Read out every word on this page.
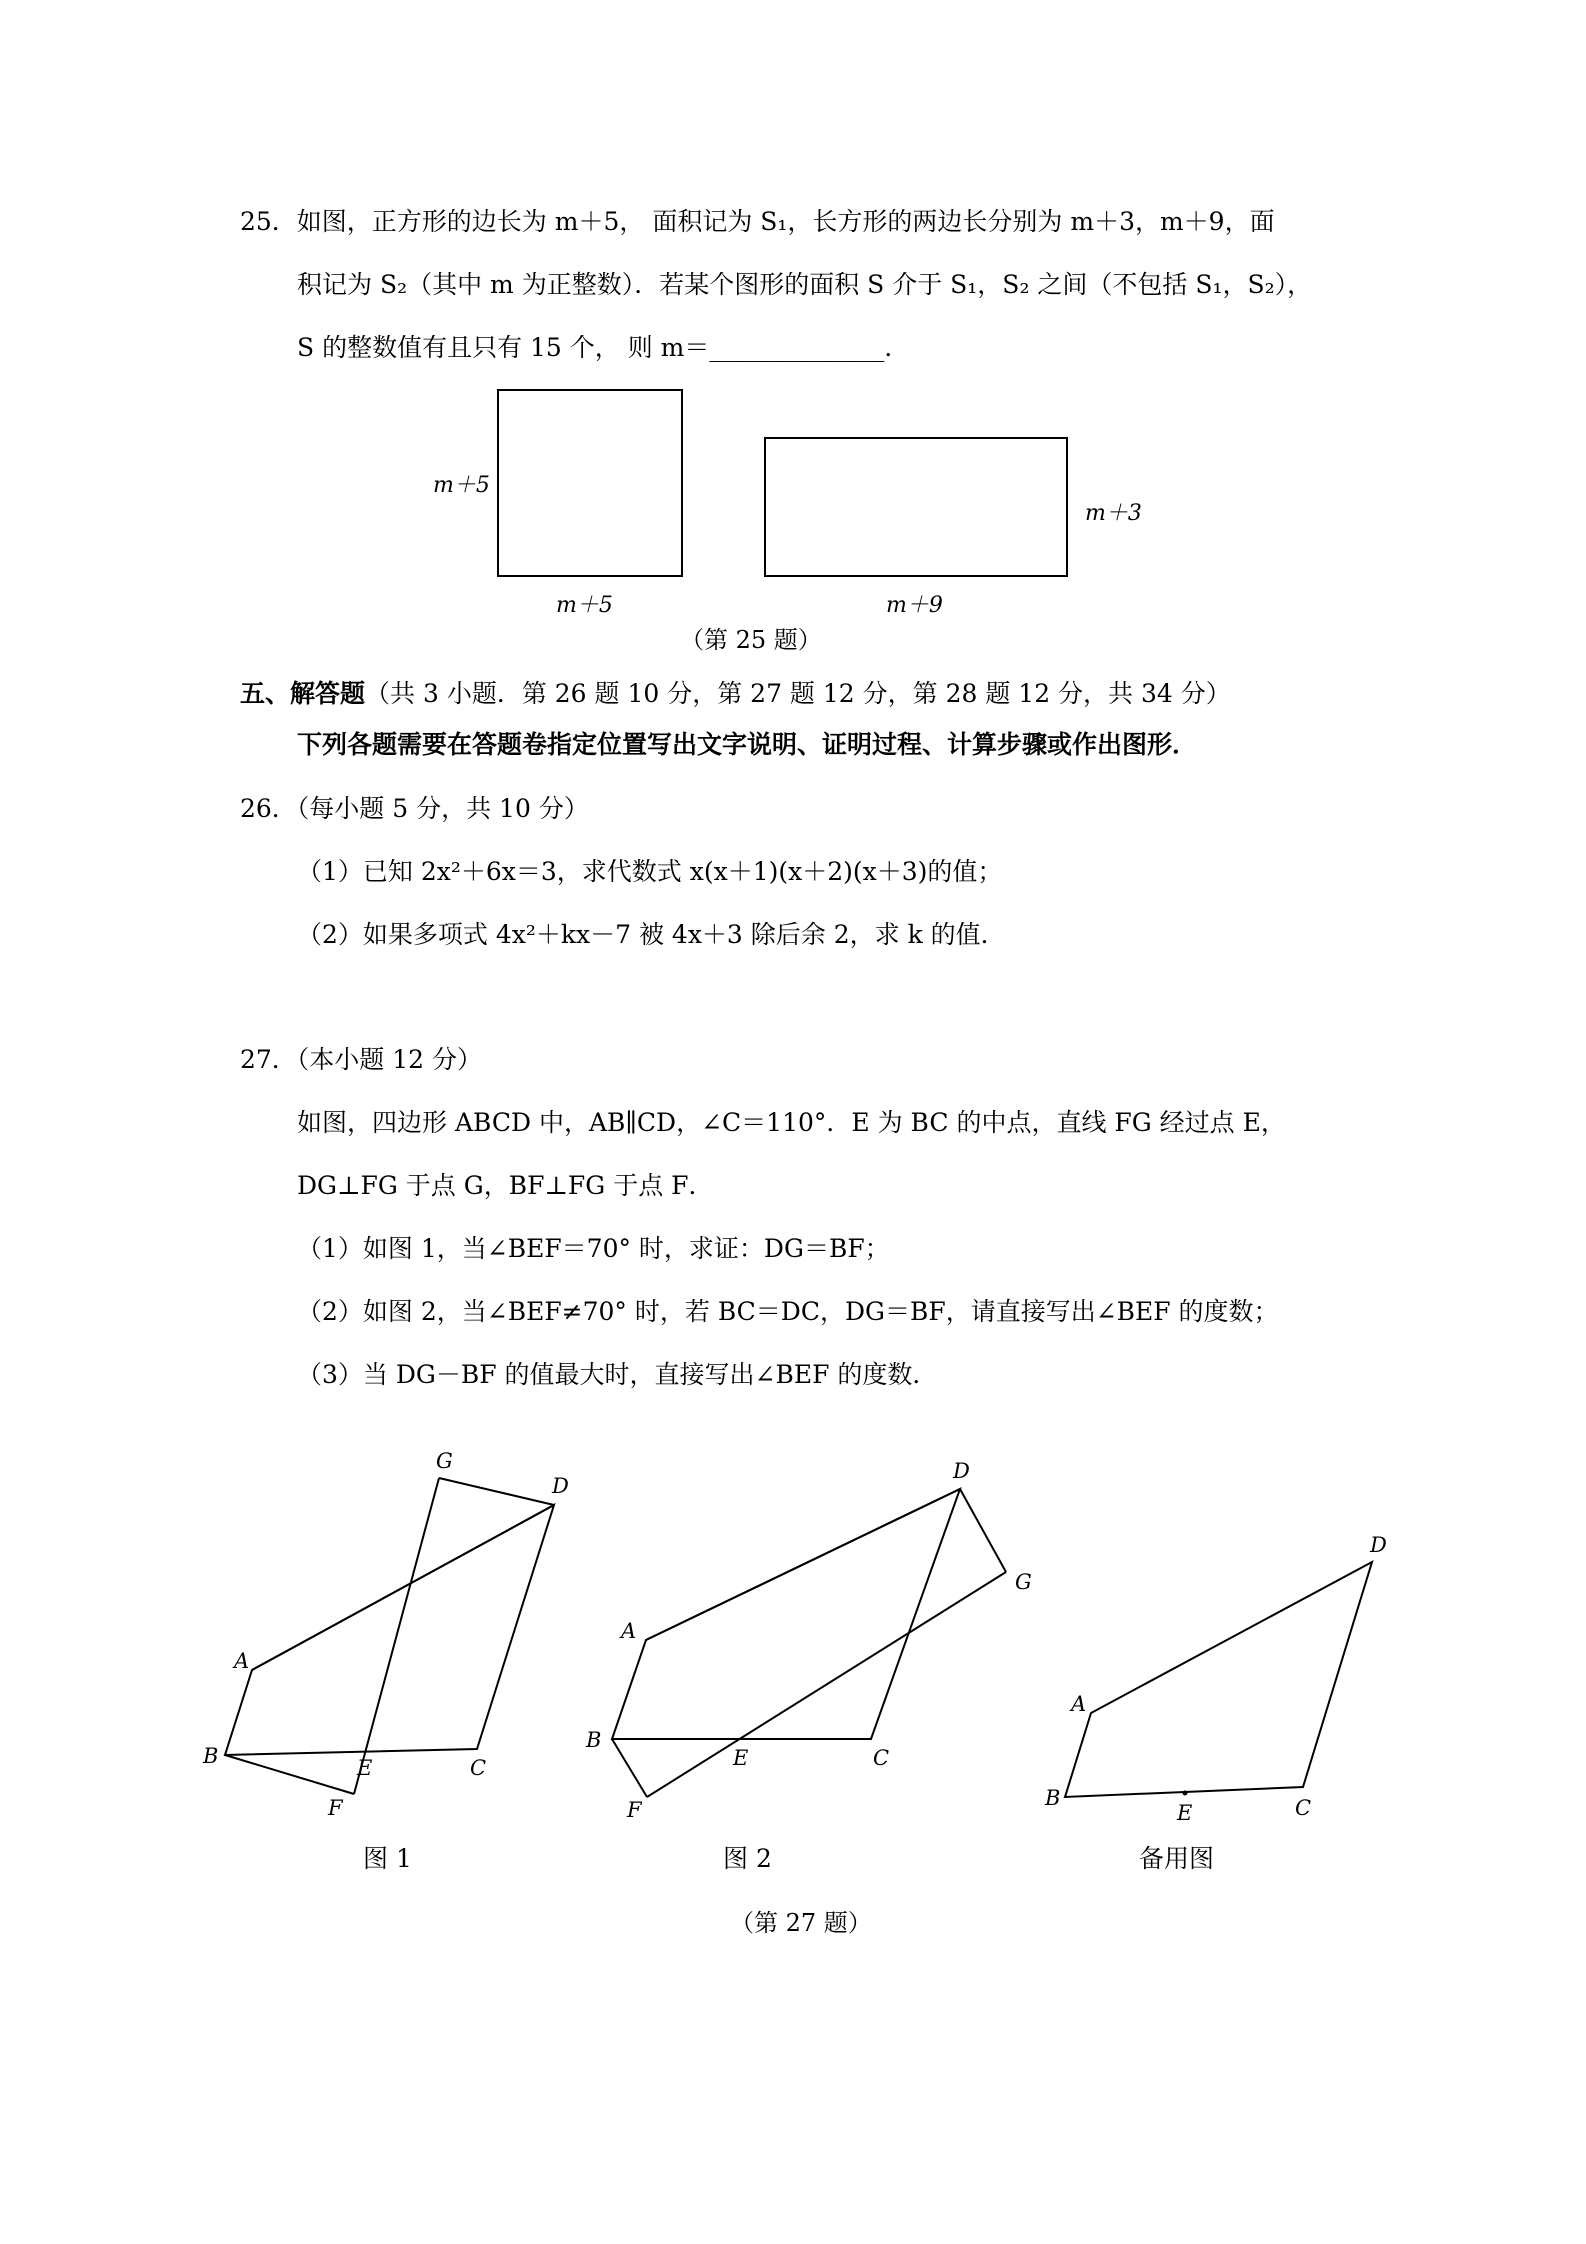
25．如图，正方形的边长为 m＋5， 面积记为 S₁，长方形的两边长分别为 m＋3，m＋9，面
积记为 S₂（其中 m 为正整数）．若某个图形的面积 S 介于 S₁，S₂ 之间（不包括 S₁，S₂），
S 的整数值有且只有 15 个， 则 m＝______________．
m＋5
m＋5
m＋3
m＋9
（第 25 题）
G
D
A
B	E	C
F
图 1
D
G
A
B
E	C
F
图 2
D
A
B
E	C
备用图
（第 27 题）
五、解答题（共 3 小题．第 26 题 10 分，第 27 题 12 分，第 28 题 12 分，共 34 分）
下列各题需要在答题卷指定位置写出文字说明、证明过程、计算步骤或作出图形．
26．（每小题 5 分，共 10 分）
（1）已知 2x²＋6x＝3，求代数式 x(x＋1)(x＋2)(x＋3)的值；
（2）如果多项式 4x²＋kx－7 被 4x＋3 除后余 2，求 k 的值．
27．（本小题 12 分）
如图，四边形 ABCD 中，AB∥CD，∠C＝110°．E 为 BC 的中点，直线 FG 经过点 E，
DG⊥FG 于点 G，BF⊥FG 于点 F．
（1）如图 1，当∠BEF＝70° 时，求证：DG＝BF；
（2）如图 2，当∠BEF≠70° 时，若 BC＝DC，DG＝BF，请直接写出∠BEF 的度数；
（3）当 DG－BF 的值最大时，直接写出∠BEF 的度数．
